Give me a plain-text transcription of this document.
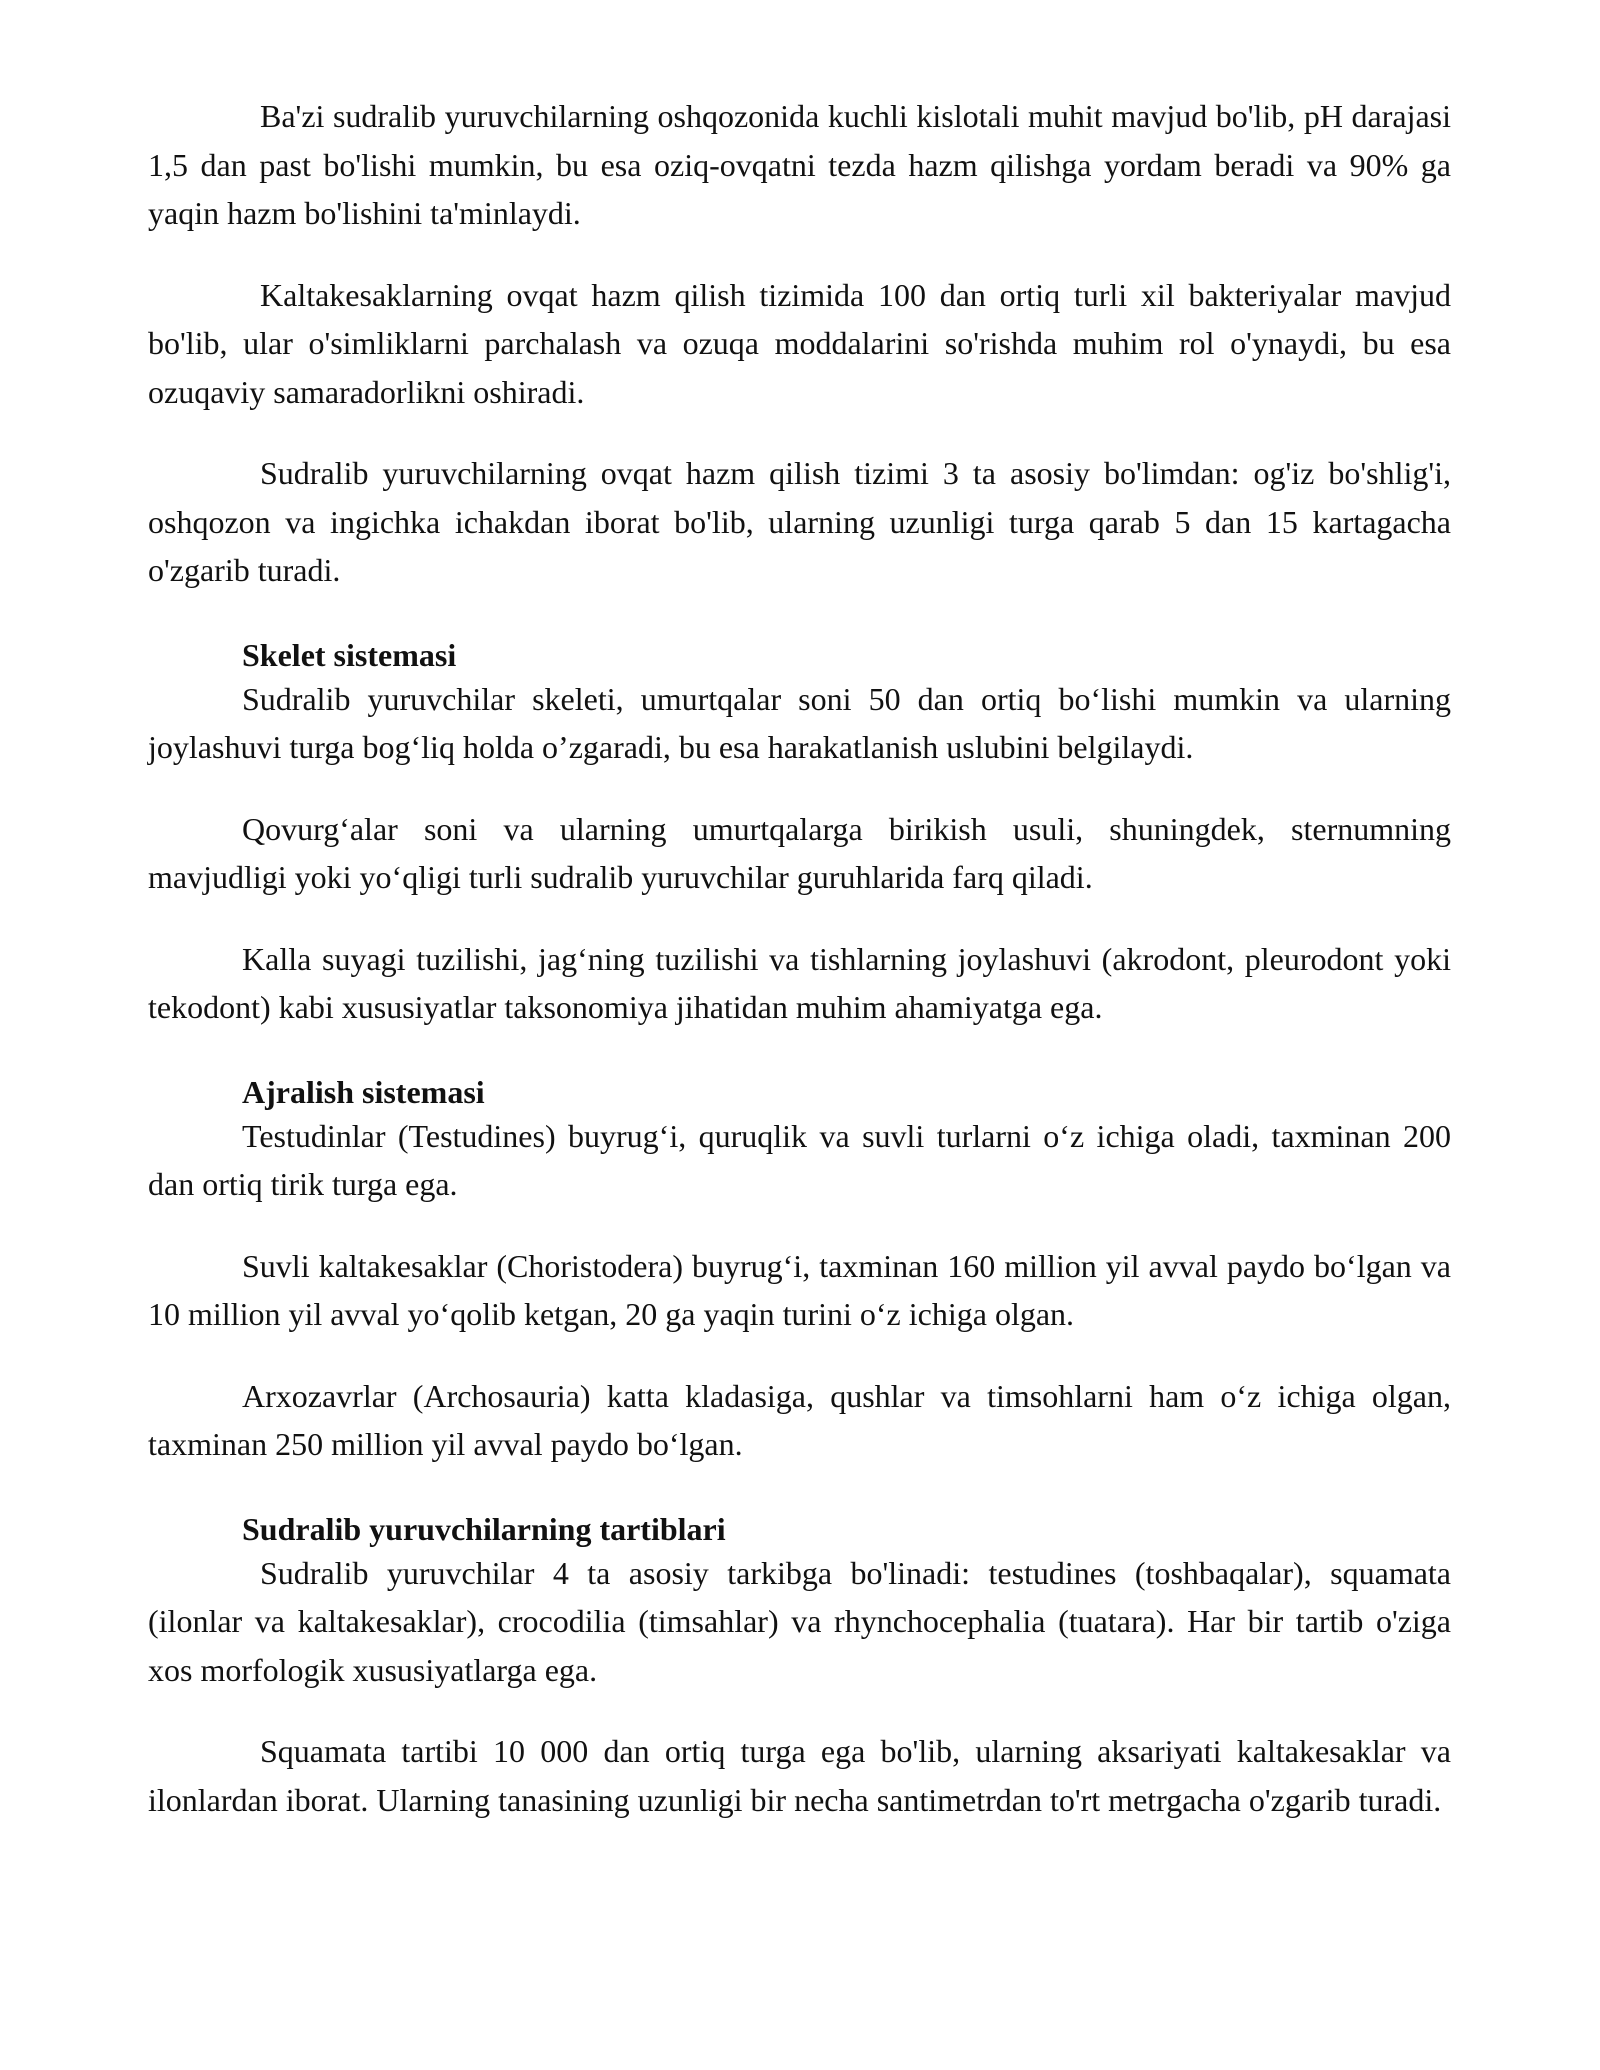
Ba'zi sudralib yuruvchilarning oshqozonida kuchli kislotali muhit mavjud bo'lib, pH darajasi 1,5 dan past bo'lishi mumkin, bu esa oziq-ovqatni tezda hazm qilishga yordam beradi va 90% ga yaqin hazm bo'lishini ta'minlaydi.

Kaltakesaklarning ovqat hazm qilish tizimida 100 dan ortiq turli xil bakteriyalar mavjud bo'lib, ular o'simliklarni parchalash va ozuqa moddalarini so'rishda muhim rol o'ynaydi, bu esa ozuqaviy samaradorlikni oshiradi.

Sudralib yuruvchilarning ovqat hazm qilish tizimi 3 ta asosiy bo'limdan: og'iz bo'shlig'i, oshqozon va ingichka ichakdan iborat bo'lib, ularning uzunligi turga qarab 5 dan 15 kartagacha o'zgarib turadi.

Skelet sistemasi

Sudralib yuruvchilar skeleti, umurtqalar soni 50 dan ortiq bo‘lishi mumkin va ularning joylashuvi turga bog‘liq holda o’zgaradi, bu esa harakatlanish uslubini belgilaydi.

Qovurg‘alar soni va ularning umurtqalarga birikish usuli, shuningdek, sternumning mavjudligi yoki yo‘qligi turli sudralib yuruvchilar guruhlarida farq qiladi.

Kalla suyagi tuzilishi, jag‘ning tuzilishi va tishlarning joylashuvi (akrodont, pleurodont yoki tekodont) kabi xususiyatlar taksonomiya jihatidan muhim ahamiyatga ega.

Ajralish sistemasi

Testudinlar (Testudines) buyrug‘i, quruqlik va suvli turlarni o‘z ichiga oladi, taxminan 200 dan ortiq tirik turga ega.

Suvli kaltakesaklar (Choristodera) buyrug‘i, taxminan 160 million yil avval paydo bo‘lgan va 10 million yil avval yo‘qolib ketgan, 20 ga yaqin turini o‘z ichiga olgan.

Arxozavrlar (Archosauria) katta kladasiga, qushlar va timsohlarni ham o‘z ichiga olgan, taxminan 250 million yil avval paydo bo‘lgan.

Sudralib yuruvchilarning tartiblari

Sudralib yuruvchilar 4 ta asosiy tarkibga bo'linadi: testudines (toshbaqalar), squamata (ilonlar va kaltakesaklar), crocodilia (timsahlar) va rhynchocephalia (tuatara). Har bir tartib o'ziga xos morfologik xususiyatlarga ega.

Squamata tartibi 10 000 dan ortiq turga ega bo'lib, ularning aksariyati kaltakesaklar va ilonlardan iborat. Ularning tanasining uzunligi bir necha santimetrdan to'rt metrgacha o'zgarib turadi.
